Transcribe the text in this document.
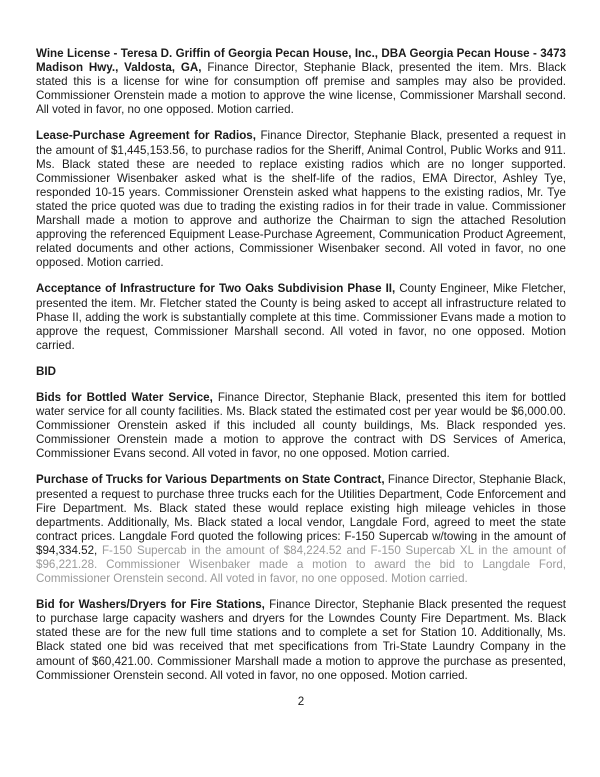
Wine License - Teresa D. Griffin of Georgia Pecan House, Inc., DBA Georgia Pecan House - 3473 Madison Hwy., Valdosta, GA, Finance Director, Stephanie Black, presented the item. Mrs. Black stated this is a license for wine for consumption off premise and samples may also be provided. Commissioner Orenstein made a motion to approve the wine license, Commissioner Marshall second. All voted in favor, no one opposed. Motion carried.

Lease-Purchase Agreement for Radios, Finance Director, Stephanie Black, presented a request in the amount of $1,445,153.56, to purchase radios for the Sheriff, Animal Control, Public Works and 911. Ms. Black stated these are needed to replace existing radios which are no longer supported. Commissioner Wisenbaker asked what is the shelf-life of the radios, EMA Director, Ashley Tye, responded 10-15 years. Commissioner Orenstein asked what happens to the existing radios, Mr. Tye stated the price quoted was due to trading the existing radios in for their trade in value. Commissioner Marshall made a motion to approve and authorize the Chairman to sign the attached Resolution approving the referenced Equipment Lease-Purchase Agreement, Communication Product Agreement, related documents and other actions, Commissioner Wisenbaker second. All voted in favor, no one opposed. Motion carried.

Acceptance of Infrastructure for Two Oaks Subdivision Phase II, County Engineer, Mike Fletcher, presented the item. Mr. Fletcher stated the County is being asked to accept all infrastructure related to Phase II, adding the work is substantially complete at this time. Commissioner Evans made a motion to approve the request, Commissioner Marshall second. All voted in favor, no one opposed. Motion carried.

BID

Bids for Bottled Water Service, Finance Director, Stephanie Black, presented this item for bottled water service for all county facilities. Ms. Black stated the estimated cost per year would be $6,000.00. Commissioner Orenstein asked if this included all county buildings, Ms. Black responded yes. Commissioner Orenstein made a motion to approve the contract with DS Services of America, Commissioner Evans second. All voted in favor, no one opposed. Motion carried.

Purchase of Trucks for Various Departments on State Contract, Finance Director, Stephanie Black, presented a request to purchase three trucks each for the Utilities Department, Code Enforcement and Fire Department. Ms. Black stated these would replace existing high mileage vehicles in those departments. Additionally, Ms. Black stated a local vendor, Langdale Ford, agreed to meet the state contract prices. Langdale Ford quoted the following prices: F-150 Supercab w/towing in the amount of $94,334.52, F-150 Supercab in the amount of $84,224.52 and F-150 Supercab XL in the amount of $96,221.28. Commissioner Wisenbaker made a motion to award the bid to Langdale Ford, Commissioner Orenstein second. All voted in favor, no one opposed. Motion carried.

Bid for Washers/Dryers for Fire Stations, Finance Director, Stephanie Black presented the request to purchase large capacity washers and dryers for the Lowndes County Fire Department. Ms. Black stated these are for the new full time stations and to complete a set for Station 10. Additionally, Ms. Black stated one bid was received that met specifications from Tri-State Laundry Company in the amount of $60,421.00. Commissioner Marshall made a motion to approve the purchase as presented, Commissioner Orenstein second. All voted in favor, no one opposed. Motion carried.

2
